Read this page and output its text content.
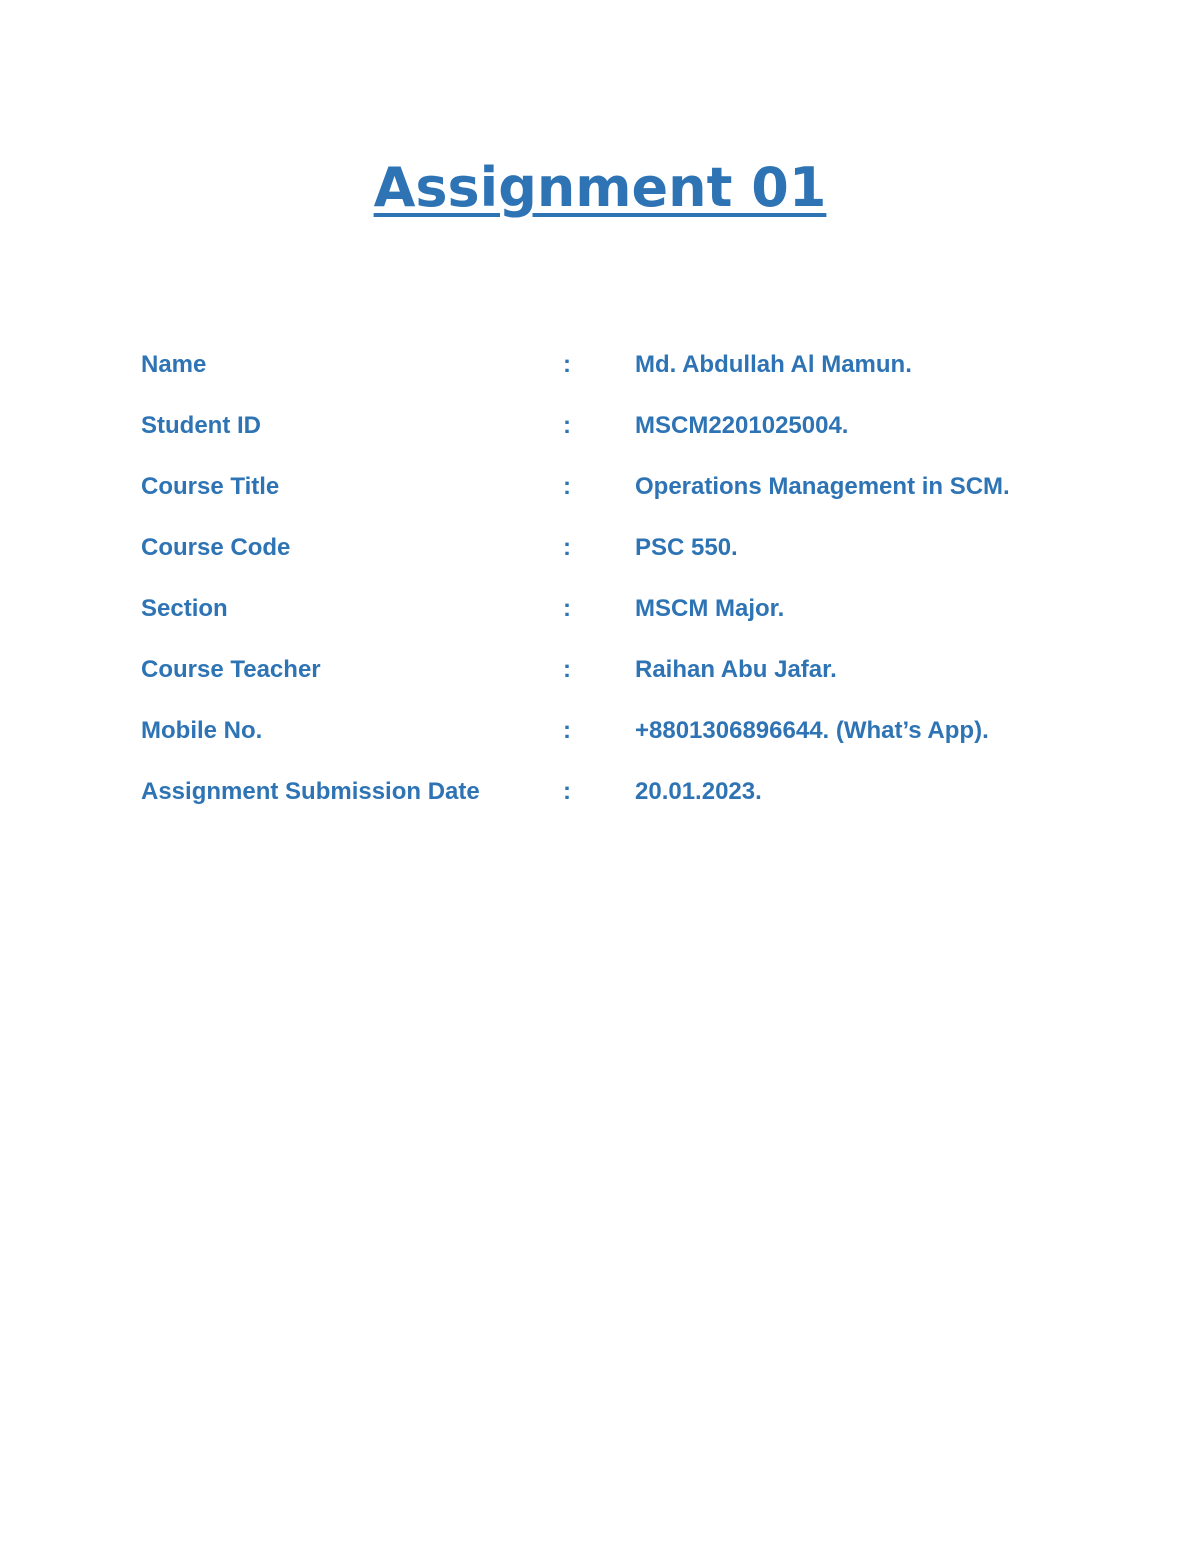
Assignment 01
Name	:	Md. Abdullah Al Mamun.
Student ID	:	MSCM2201025004.
Course Title	:	Operations Management in SCM.
Course Code	:	PSC 550.
Section	:	MSCM Major.
Course Teacher	:	Raihan Abu Jafar.
Mobile No.	:	+8801306896644. (What’s App).
Assignment Submission Date	:	20.01.2023.
